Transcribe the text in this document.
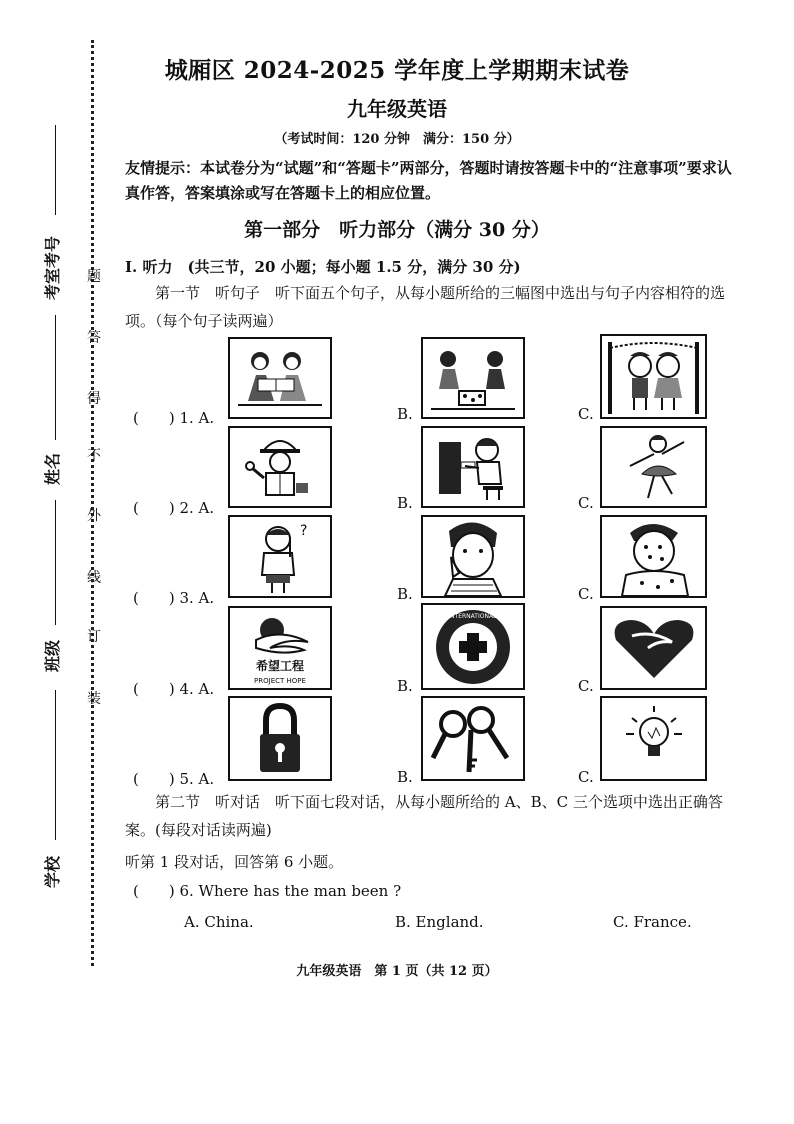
题
答
得
不
外
线
订
装
考室考号
姓名
班级
学校
城厢区 2024-2025 学年度上学期期末试卷
九年级英语
（考试时间：120 分钟　满分：150 分）
友情提示：本试卷分为“试题”和“答题卡”两部分，答题时请按答题卡中的“注意事项”要求认真作答，答案填涂或写在答题卡上的相应位置。
第一部分　听力部分（满分 30 分）
I. 听力　(共三节，20 小题；每小题 1.5 分，满分 30 分)
第一节　听句子　听下面五个句子，从每小题所给的三幅图中选出与句子内容相符的选项。（每个句子读两遍）
(　　) 1. A.	B.	C.
(　　) 2. A.	B.	C.
(　　) 3. A.
?
B.	C.
(　　) 4. A.
希望工程
PROJECT HOPE	B.
COMITE INTERNATIONAL GENEVE
C.
(　　) 5. A.	B.	C.
第二节　听对话　听下面七段对话，从每小题所给的 A、B、C 三个选项中选出正确答案。(每段对话读两遍)
听第 1 段对话，回答第 6 小题。
(　　) 6. Where has the man been ?
A. China.	B. England.	C. France.
九年级英语　第 1 页（共 12 页）
